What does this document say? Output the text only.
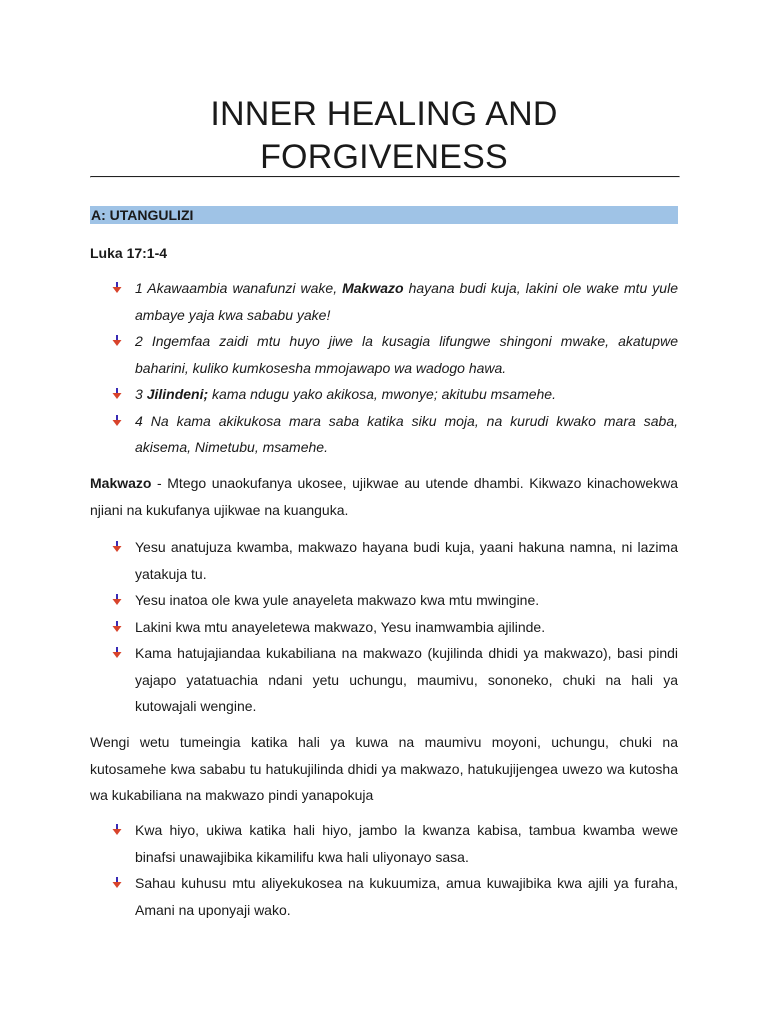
INNER HEALING AND
FORGIVENESS
A: UTANGULIZI
Luka 17:1-4
1 Akawaambia wanafunzi wake, Makwazo hayana budi kuja, lakini ole wake mtu yule ambaye yaja kwa sababu yake!
2 Ingemfaa zaidi mtu huyo jiwe la kusagia lifungwe shingoni mwake, akatupwe baharini, kuliko kumkosesha mmojawapo wa wadogo hawa.
3 Jilindeni; kama ndugu yako akikosa, mwonye; akitubu msamehe.
4 Na kama akikukosa mara saba katika siku moja, na kurudi kwako mara saba, akisema, Nimetubu, msamehe.

Makwazo - Mtego unaokufanya ukosee, ujikwae au utende dhambi. Kikwazo kinachowekwa njiani na kukufanya ujikwae na kuanguka.

Yesu anatujuza kwamba, makwazo hayana budi kuja, yaani hakuna namna, ni lazima yatakuja tu.
Yesu inatoa ole kwa yule anayeleta makwazo kwa mtu mwingine.
Lakini kwa mtu anayeletewa makwazo, Yesu inamwambia ajilinde.
Kama hatujajiandaa kukabiliana na makwazo (kujilinda dhidi ya makwazo), basi pindi yajapo yatatuachia ndani yetu uchungu, maumivu, sononeko, chuki na hali ya kutowajali wengine.

Wengi wetu tumeingia katika hali ya kuwa na maumivu moyoni, uchungu, chuki na kutosamehe kwa sababu tu hatukujilinda dhidi ya makwazo, hatukujijengea uwezo wa kutosha wa kukabiliana na makwazo pindi yanapokuja

Kwa hiyo, ukiwa katika hali hiyo, jambo la kwanza kabisa, tambua kwamba wewe binafsi unawajibika kikamilifu kwa hali uliyonayo sasa.
Sahau kuhusu mtu aliyekukosea na kukuumiza, amua kuwajibika kwa ajili ya furaha, Amani na uponyaji wako.
